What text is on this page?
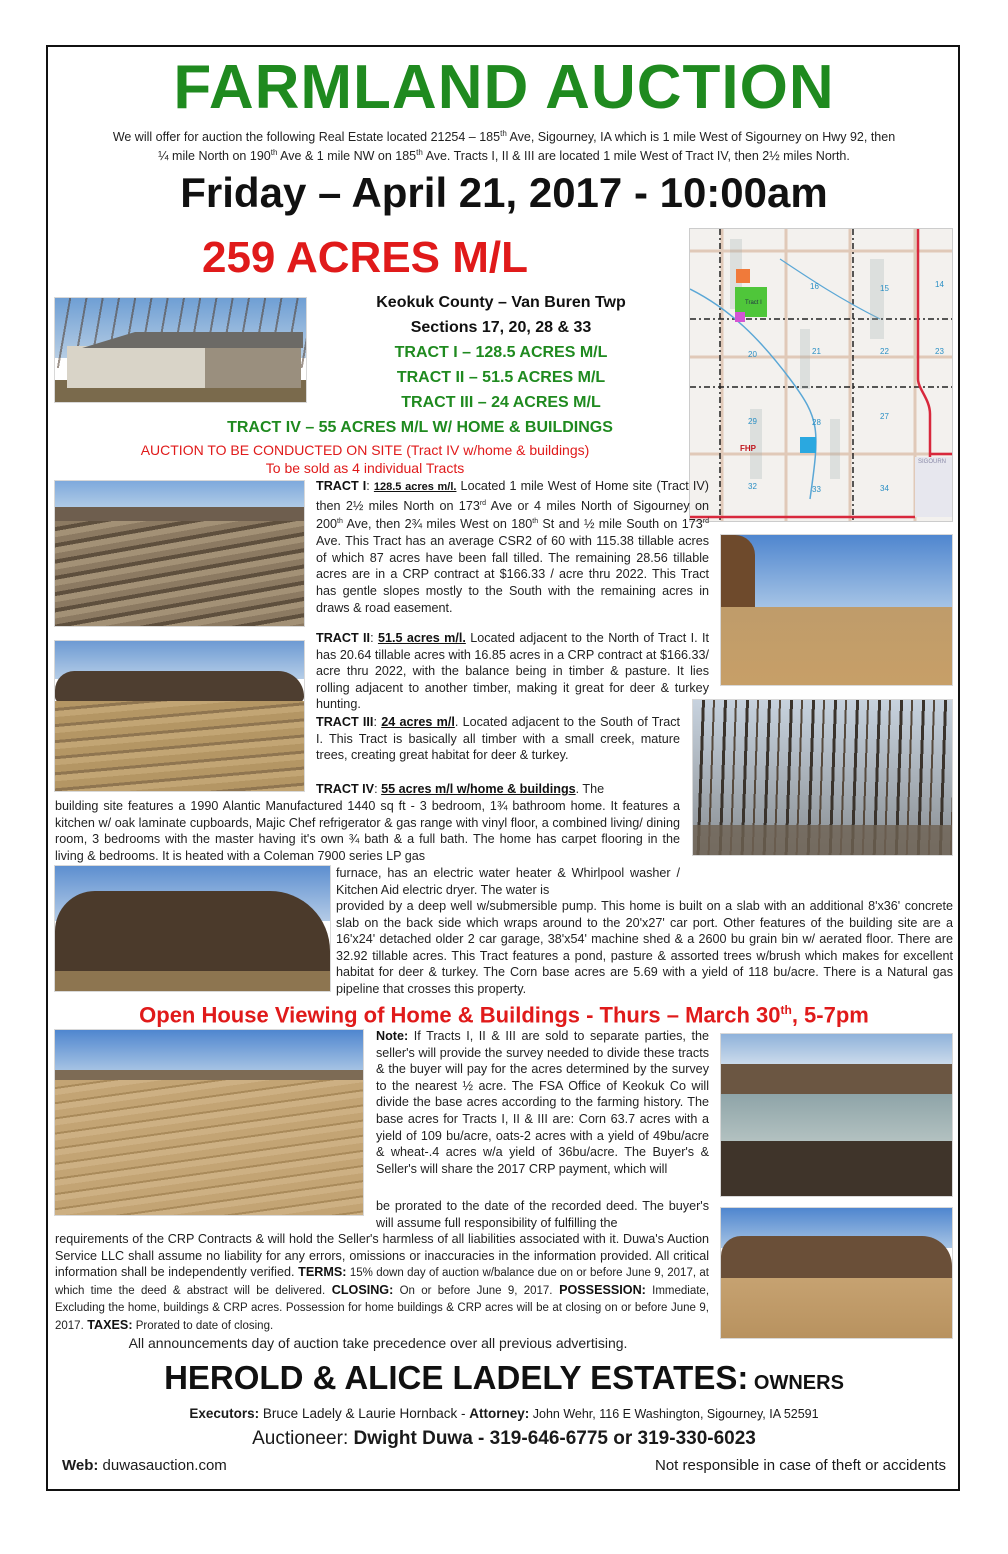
FARMLAND AUCTION
We will offer for auction the following Real Estate located 21254 – 185th Ave, Sigourney, IA which is 1 mile West of Sigourney on Hwy 92, then
¼ mile North on 190th Ave & 1 mile NW on 185th Ave. Tracts I, II & III are located 1 mile West of Tract IV, then 2½ miles North.
Friday – April 21, 2017 - 10:00am
259 ACRES M/L
Keokuk County – Van Buren Twp
Sections 17, 20, 28 & 33
TRACT I – 128.5 ACRES M/L
TRACT II – 51.5 ACRES M/L
TRACT III – 24 ACRES M/L
TRACT IV – 55 ACRES M/L W/ HOME & BUILDINGS
AUCTION TO BE CONDUCTED ON SITE (Tract IV w/home & buildings)
To be sold as 4 individual Tracts	SIGOURN
FHP
16	15	14
20	21	22	23
29	28
27
32	33	34
Tract I
TRACT I: 128.5 acres m/l. Located 1 mile West of Home site (Tract IV) then 2½ miles North on 173rd Ave or 4 miles North of Sigourney on 200th Ave, then 2¾ miles West on 180th St and ½ mile South on 173rd Ave. This Tract has an average CSR2 of 60 with 115.38 tillable acres of which 87 acres have been fall tilled. The remaining 28.56 tillable acres are in a CRP contract at $166.33 / acre thru 2022. This Tract has gentle slopes mostly to the South with the remaining acres in draws & road easement.
TRACT II: 51.5 acres m/l. Located adjacent to the North of Tract I. It has 20.64 tillable acres with 16.85 acres in a CRP contract at $166.33/ acre thru 2022, with the balance being in timber & pasture. It lies rolling adjacent to another timber, making it great for deer & turkey hunting.
TRACT III: 24 acres m/l. Located adjacent to the South of Tract I. This Tract is basically all timber with a small creek, mature trees, creating great habitat for deer & turkey.
TRACT IV: 55 acres m/l w/home & buildings. The
building site features a 1990 Alantic Manufactured 1440 sq ft - 3 bedroom, 1¾ bathroom home. It features a kitchen w/ oak laminate cupboards, Majic Chef refrigerator & gas range with vinyl floor, a combined living/ dining room, 3 bedrooms with the master having it's own ¾ bath & a full bath. The home has carpet flooring in the living & bedrooms. It is heated with a Coleman 7900 series LP gas
furnace, has an electric water heater & Whirlpool washer / Kitchen Aid electric dryer. The water is
provided by a deep well w/submersible pump. This home is built on a slab with an additional 8'x36' concrete slab on the back side which wraps around to the 20'x27' car port. Other features of the building site are a 16'x24' detached older 2 car garage, 38'x54' machine shed & a 2600 bu grain bin w/ aerated floor. There are 32.92 tillable acres. This Tract features a pond, pasture & assorted trees w/brush which makes for excellent habitat for deer & turkey. The Corn base acres are 5.69 with a yield of 118 bu/acre. There is a Natural gas pipeline that crosses this property.
Open House Viewing of Home & Buildings - Thurs – March 30th, 5-7pm
Note: If Tracts I, II & III are sold to separate parties, the seller's will provide the survey needed to divide these tracts & the buyer will pay for the acres determined by the survey to the nearest ½ acre. The FSA Office of Keokuk Co will divide the base acres according to the farming history. The base acres for Tracts I, II & III are: Corn 63.7 acres with a yield of 109 bu/acre, oats-2 acres with a yield of 49bu/acre & wheat-.4 acres w/a yield of 36bu/acre. The Buyer's & Seller's will share the 2017 CRP payment, which will
be prorated to the date of the recorded deed. The buyer's will assume full responsibility of fulfilling the
requirements of the CRP Contracts & will hold the Seller's harmless of all liabilities associated with it. Duwa's Auction Service LLC shall assume no liability for any errors, omissions or inaccuracies in the information provided. All critical information shall be independently verified. TERMS: 15% down day of auction w/balance due on or before June 9, 2017, at which time the deed & abstract will be delivered. CLOSING: On or before June 9, 2017. POSSESSION: Immediate, Excluding the home, buildings & CRP acres. Possession for home buildings & CRP acres will be at closing on or before June 9, 2017. TAXES: Prorated to date of closing.
All announcements day of auction take precedence over all previous advertising.
HEROLD & ALICE LADELY ESTATES: OWNERS
Executors: Bruce Ladely & Laurie Hornback - Attorney: John Wehr, 116 E Washington, Sigourney, IA 52591
Auctioneer: Dwight Duwa - 319-646-6775 or 319-330-6023
Web: duwasauction.com	Not responsible in case of theft or accidents
